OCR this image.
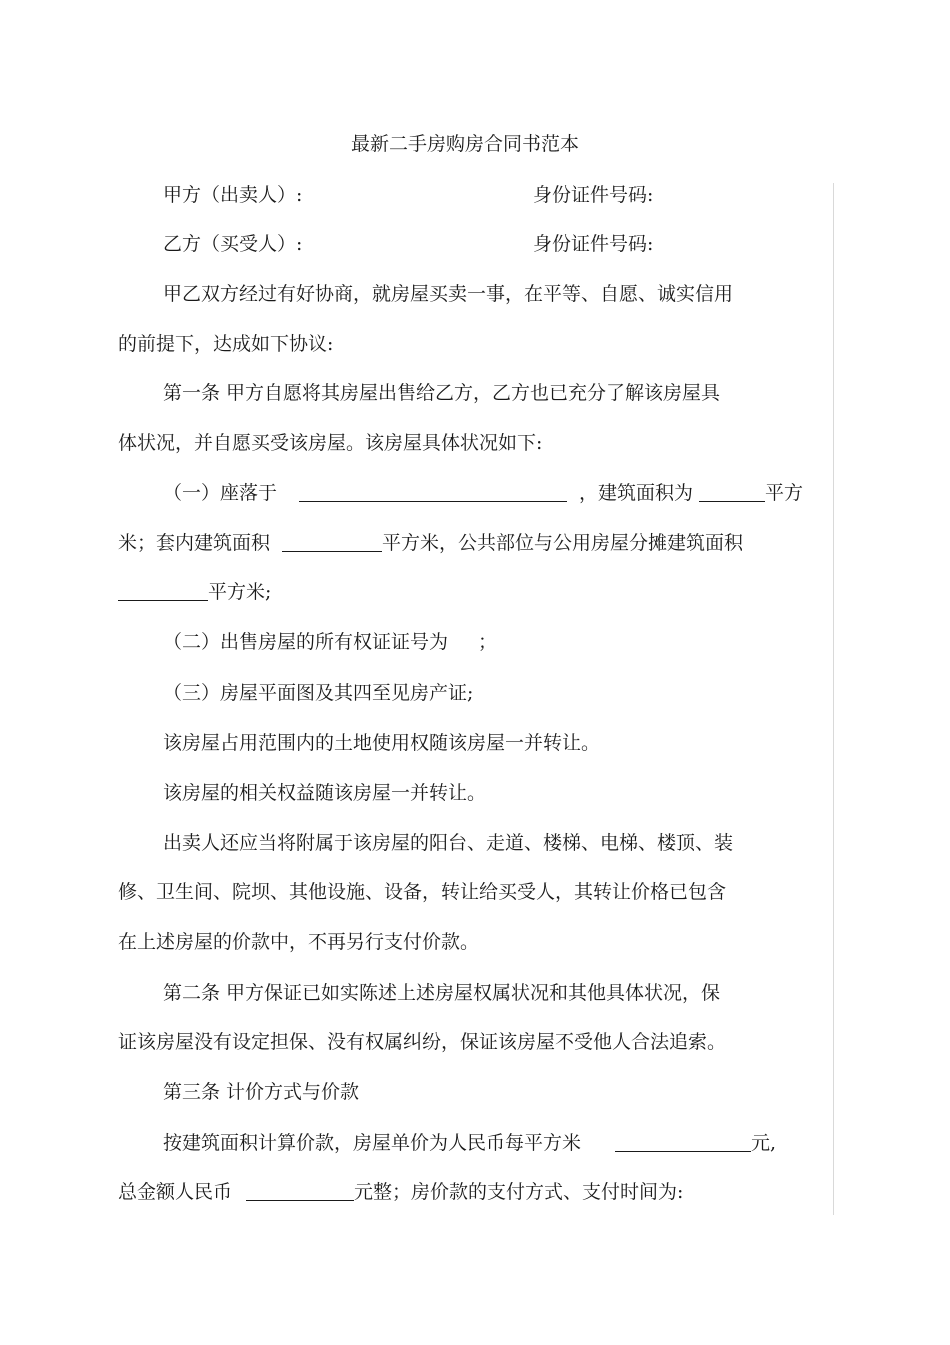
最新二手房购房合同书范本
甲方（出卖人）:	身份证件号码:
乙方（买受人）:	身份证件号码:
甲乙双方经过有好协商，就房屋买卖一事，在平等、自愿、诚实信用
的前提下，达成如下协议:
第一条 甲方自愿将其房屋出售给乙方，乙方也已充分了解该房屋具
体状况，并自愿买受该房屋。该房屋具体状况如下:
（一）座落于	，建筑面积为	平方
米；套内建筑面积	平方米，公共部位与公用房屋分摊建筑面积
平方米;
（二）出售房屋的所有权证证号为 ；
（三）房屋平面图及其四至见房产证;
该房屋占用范围内的土地使用权随该房屋一并转让。
该房屋的相关权益随该房屋一并转让。
出卖人还应当将附属于该房屋的阳台、走道、楼梯、电梯、楼顶、装
修、卫生间、院坝、其他设施、设备，转让给买受人，其转让价格已包含
在上述房屋的价款中，不再另行支付价款。
第二条 甲方保证已如实陈述上述房屋权属状况和其他具体状况，保
证该房屋没有设定担保、没有权属纠纷，保证该房屋不受他人合法追索。
第三条 计价方式与价款
按建筑面积计算价款，房屋单价为人民币每平方米	元,
总金额人民币	元整；房价款的支付方式、支付时间为:
